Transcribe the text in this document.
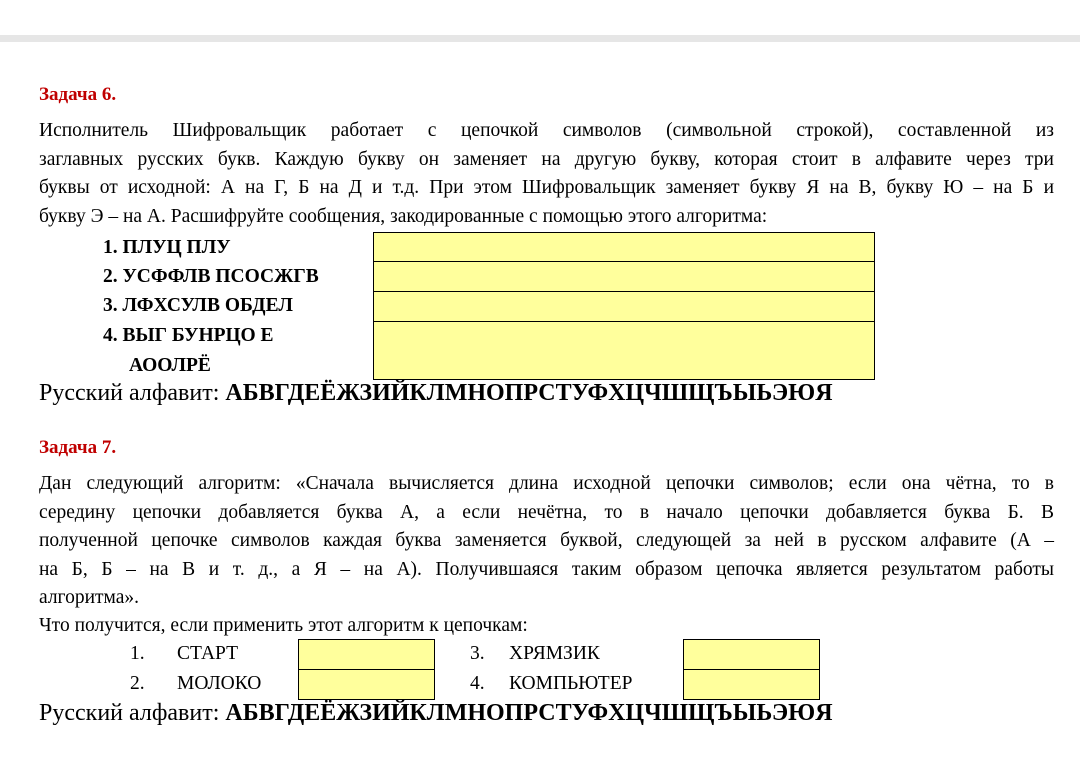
Задача 6.
Исполнитель Шифровальщик работает с цепочкой символов (символьной строкой), составленной из
заглавных русских букв. Каждую букву он заменяет на другую букву, которая стоит в алфавите через три
буквы от исходной: А на Г, Б на Д и т.д. При этом Шифровальщик заменяет букву Я на В, букву Ю – на Б и
букву Э – на А. Расшифруйте сообщения, закодированные с помощью этого алгоритма:
1. ПЛУЦ ПЛУ
2. УСФФЛВ ПСОСЖГВ
3. ЛФХСУЛВ ОБДЕЛ
4. ВЫГ БУНРЦО Е
АООЛРЁ
Русский алфавит: АБВГДЕЁЖЗИЙКЛМНОПРСТУФХЦЧШЩЪЫЬЭЮЯ
Задача 7.
Дан следующий алгоритм: «Сначала вычисляется длина исходной цепочки символов; если она чётна, то в
середину цепочки добавляется буква А, а если нечётна, то в начало цепочки добавляется буква Б. В
полученной цепочке символов каждая буква заменяется буквой, следующей за ней в русском алфавите (А –
на Б, Б – на В и т. д., а Я – на А). Получившаяся таким образом цепочка является результатом работы
алгоритма».
Что получится, если применить этот алгоритм к цепочкам:
1. СТАРТ
2. МОЛОКО
3. ХРЯМЗИК
4. КОМПЬЮТЕР
Русский алфавит: АБВГДЕЁЖЗИЙКЛМНОПРСТУФХЦЧШЩЪЫЬЭЮЯ
